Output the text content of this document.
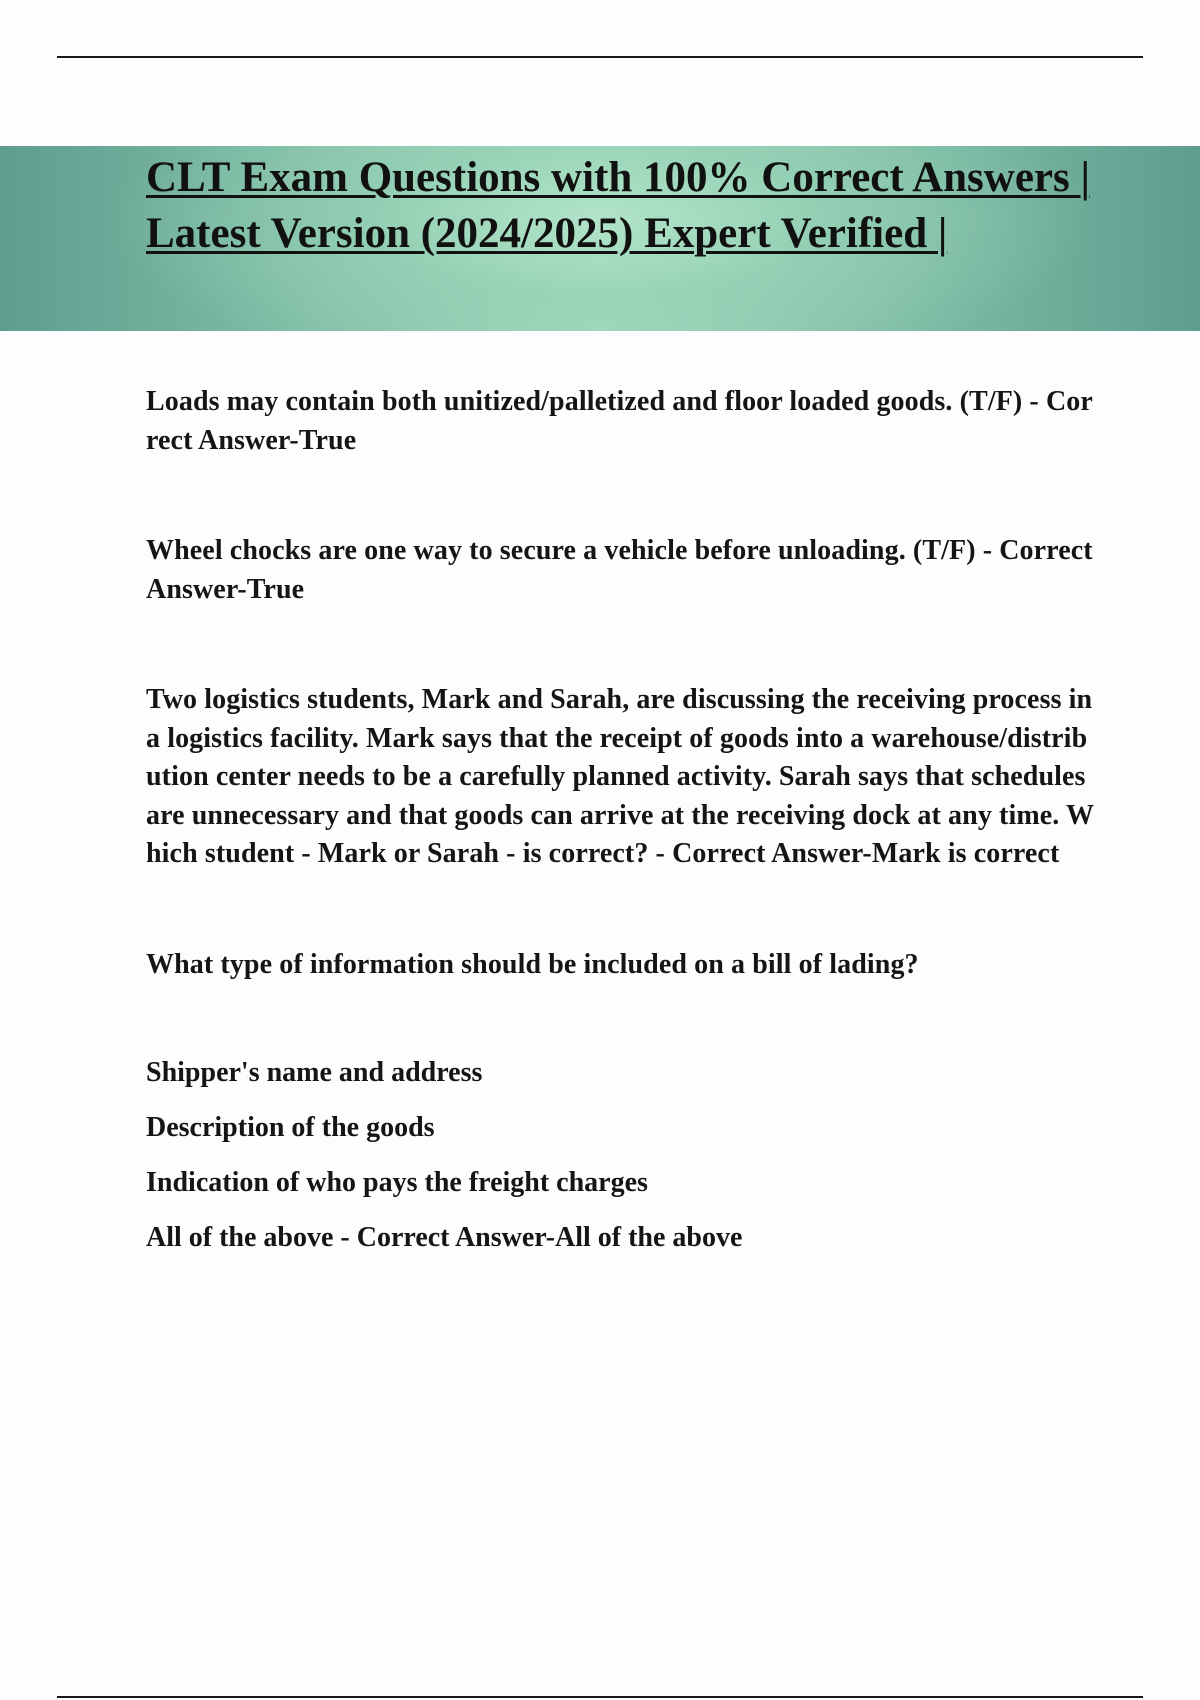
CLT Exam Questions with 100% Correct Answers | Latest Version (2024/2025) Expert Verified |

Loads may contain both unitized/palletized and floor loaded goods. (T/F) - Correct Answer-True

Wheel chocks are one way to secure a vehicle before unloading. (T/F) - Correct Answer-True

Two logistics students, Mark and Sarah, are discussing the receiving process in a logistics facility. Mark says that the receipt of goods into a warehouse/distribution center needs to be a carefully planned activity. Sarah says that schedules are unnecessary and that goods can arrive at the receiving dock at any time. Which student - Mark or Sarah - is correct? - Correct Answer-Mark is correct

What type of information should be included on a bill of lading?

Shipper's name and address

Description of the goods

Indication of who pays the freight charges

All of the above - Correct Answer-All of the above
